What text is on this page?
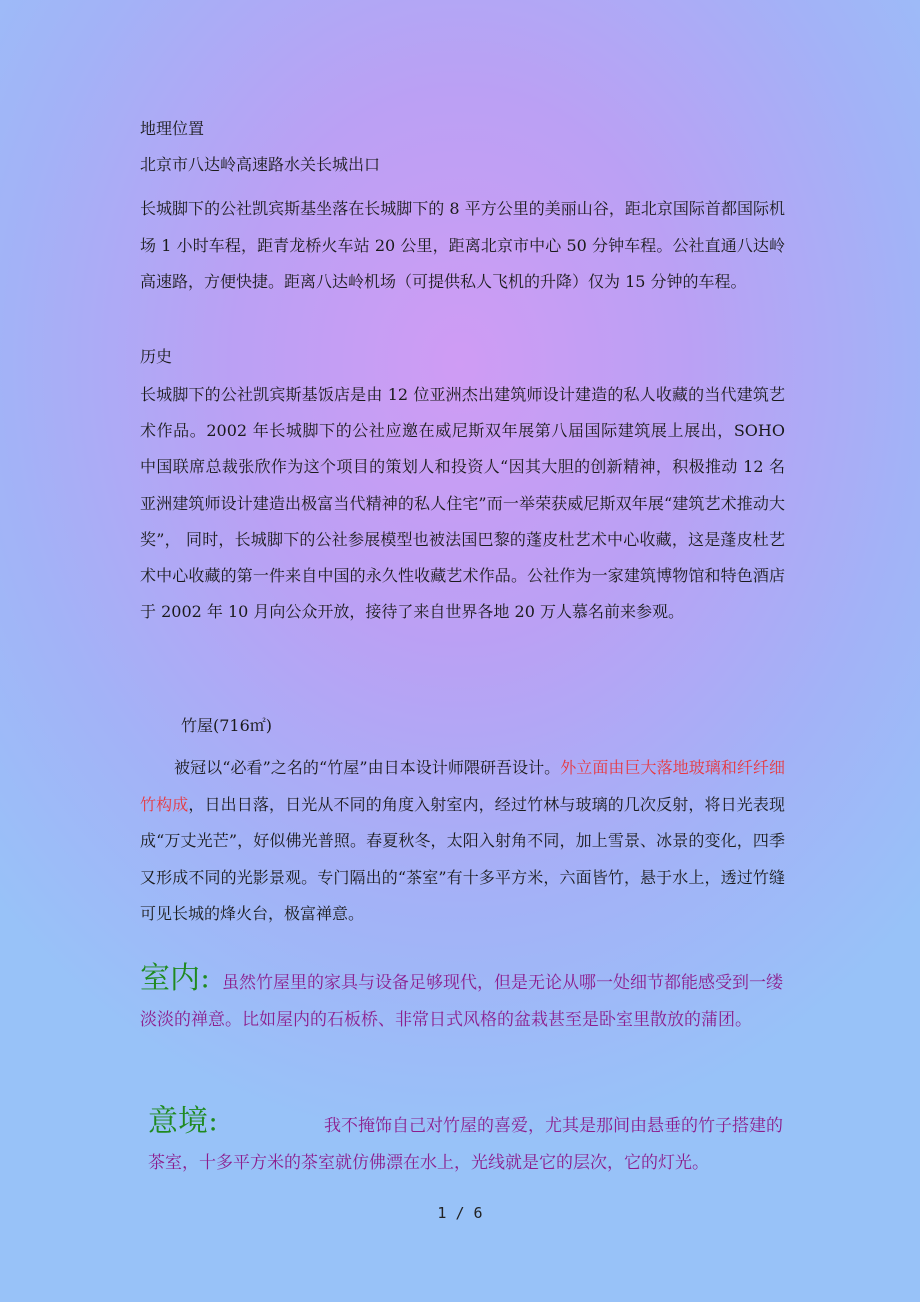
地理位置

北京市八达岭高速路水关长城出口

长城脚下的公社凯宾斯基坐落在长城脚下的 8 平方公里的美丽山谷，距北京国际首都国际机场 1 小时车程，距青龙桥火车站 20 公里，距离北京市中心 50 分钟车程。公社直通八达岭高速路，方便快捷。距离八达岭机场（可提供私人飞机的升降）仅为 15 分钟的车程。

历史

长城脚下的公社凯宾斯基饭店是由 12 位亚洲杰出建筑师设计建造的私人收藏的当代建筑艺术作品。2002 年长城脚下的公社应邀在威尼斯双年展第八届国际建筑展上展出，SOHO 中国联席总裁张欣作为这个项目的策划人和投资人“因其大胆的创新精神，积极推动 12 名亚洲建筑师设计建造出极富当代精神的私人住宅”而一举荣获威尼斯双年展“建筑艺术推动大奖”， 同时，长城脚下的公社参展模型也被法国巴黎的蓬皮杜艺术中心收藏，这是蓬皮杜艺术中心收藏的第一件来自中国的永久性收藏艺术作品。公社作为一家建筑博物馆和特色酒店于 2002 年 10 月向公众开放，接待了来自世界各地 20 万人慕名前来参观。

竹屋(716㎡)

被冠以“必看”之名的“竹屋”由日本设计师隈研吾设计。外立面由巨大落地玻璃和纤纤细竹构成，日出日落，日光从不同的角度入射室内，经过竹林与玻璃的几次反射，将日光表现成“万丈光芒”，好似佛光普照。春夏秋冬，太阳入射角不同，加上雪景、冰景的变化，四季又形成不同的光影景观。专门隔出的“茶室”有十多平方米，六面皆竹，悬于水上，透过竹缝可见长城的烽火台，极富禅意。

室内：虽然竹屋里的家具与设备足够现代，但是无论从哪一处细节都能感受到一缕淡淡的禅意。比如屋内的石板桥、非常日式风格的盆栽甚至是卧室里散放的蒲团。

意境：	我不掩饰自己对竹屋的喜爱，尤其是那间由悬垂的竹子搭建的茶室，十多平方米的茶室就仿佛漂在水上，光线就是它的层次，它的灯光。

1 / 6
